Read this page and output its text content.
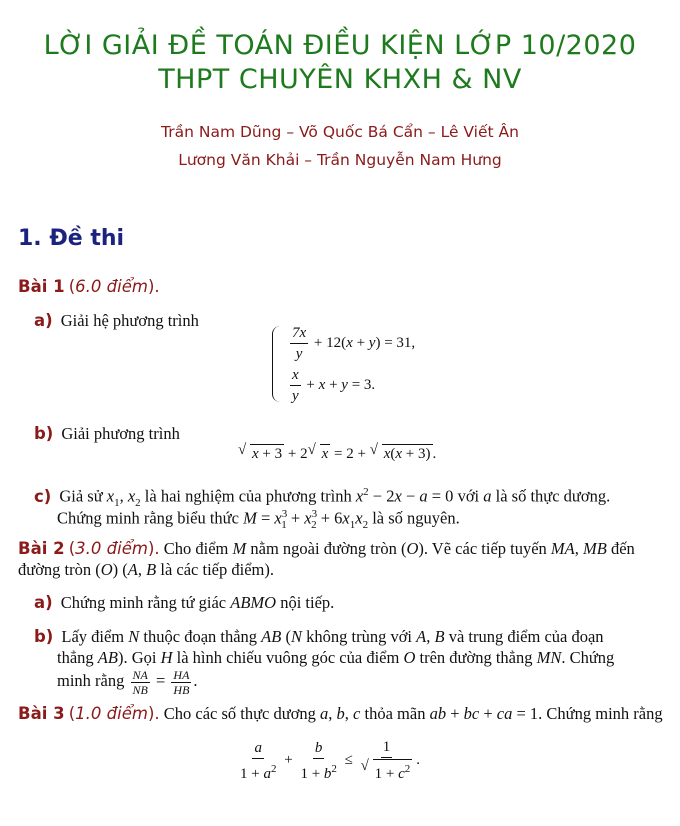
LỜI GIẢI ĐỀ TOÁN ĐIỀU KIỆN LỚP 10/2020
THPT CHUYÊN KHXH & NV
Trần Nam Dũng – Võ Quốc Bá Cẩn – Lê Viết Ân
Lương Văn Khải – Trần Nguyễn Nam Hưng
1. Đề thi
Bài 1 (6.0 điểm).
a) Giải hệ phương trình
$\frac{7x}{y} + 12(x + y) = 31$,
$\frac{x}{y} + x + y = 3$.
b) Giải phương trình
√ x + 3 + 2√ x = 2 + √ x(x + 3) .
c) Giả sử $x_1$, $x_2$ là hai nghiệm của phương trình $x^2 - 2x - a = 0$ với a là số thực dương.
Chứng minh rằng biểu thức $M = x^3_1 + x^3_2 + 6x_1x_2$ là số nguyên.
Bài 2 (3.0 điểm). Cho điểm M nằm ngoài đường tròn (O). Vẽ các tiếp tuyến MA, MB đến
đường tròn (O) (A, B là các tiếp điểm).
a) Chứng minh rằng tứ giác ABMO nội tiếp.
b) Lấy điểm N thuộc đoạn thẳng AB (N không trùng với A, B và trung điểm của đoạn
thẳng AB). Gọi H là hình chiếu vuông góc của điểm O trên đường thẳng MN. Chứng
minh rằng $\frac{NA}{NB} = \frac{HA}{HB}$ .
Bài 3 (1.0 điểm). Cho các số thực dương a, b, c thỏa mãn ab + bc + ca = 1. Chứng minh rằng
$\frac{a}{1 + a^2} + \frac{b}{1 + b^2} \le 1$
√ $1 + c^2$ .
